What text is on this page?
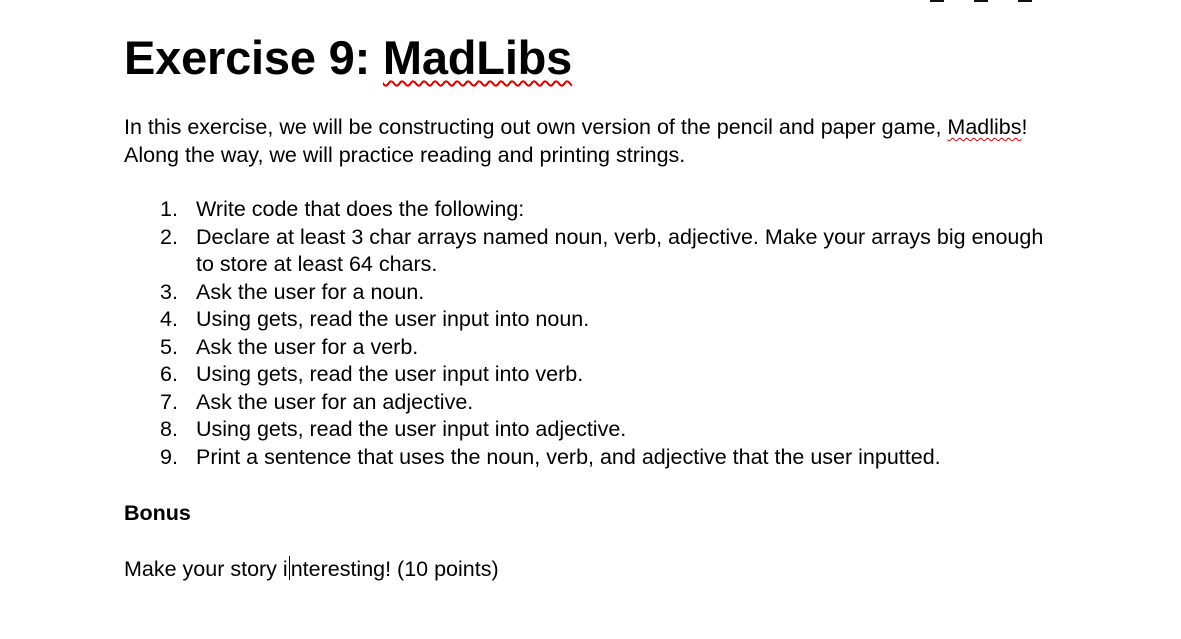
Exercise 9: MadLibs

In this exercise, we will be constructing out own version of the pencil and paper game, Madlibs! Along the way, we will practice reading and printing strings.

1. Write code that does the following:
2. Declare at least 3 char arrays named noun, verb, adjective. Make your arrays big enough to store at least 64 chars.
3. Ask the user for a noun.
4. Using gets, read the user input into noun.
5. Ask the user for a verb.
6. Using gets, read the user input into verb.
7. Ask the user for an adjective.
8. Using gets, read the user input into adjective.
9. Print a sentence that uses the noun, verb, and adjective that the user inputted.
Bonus

Make your story i nteresting! (10 points)
